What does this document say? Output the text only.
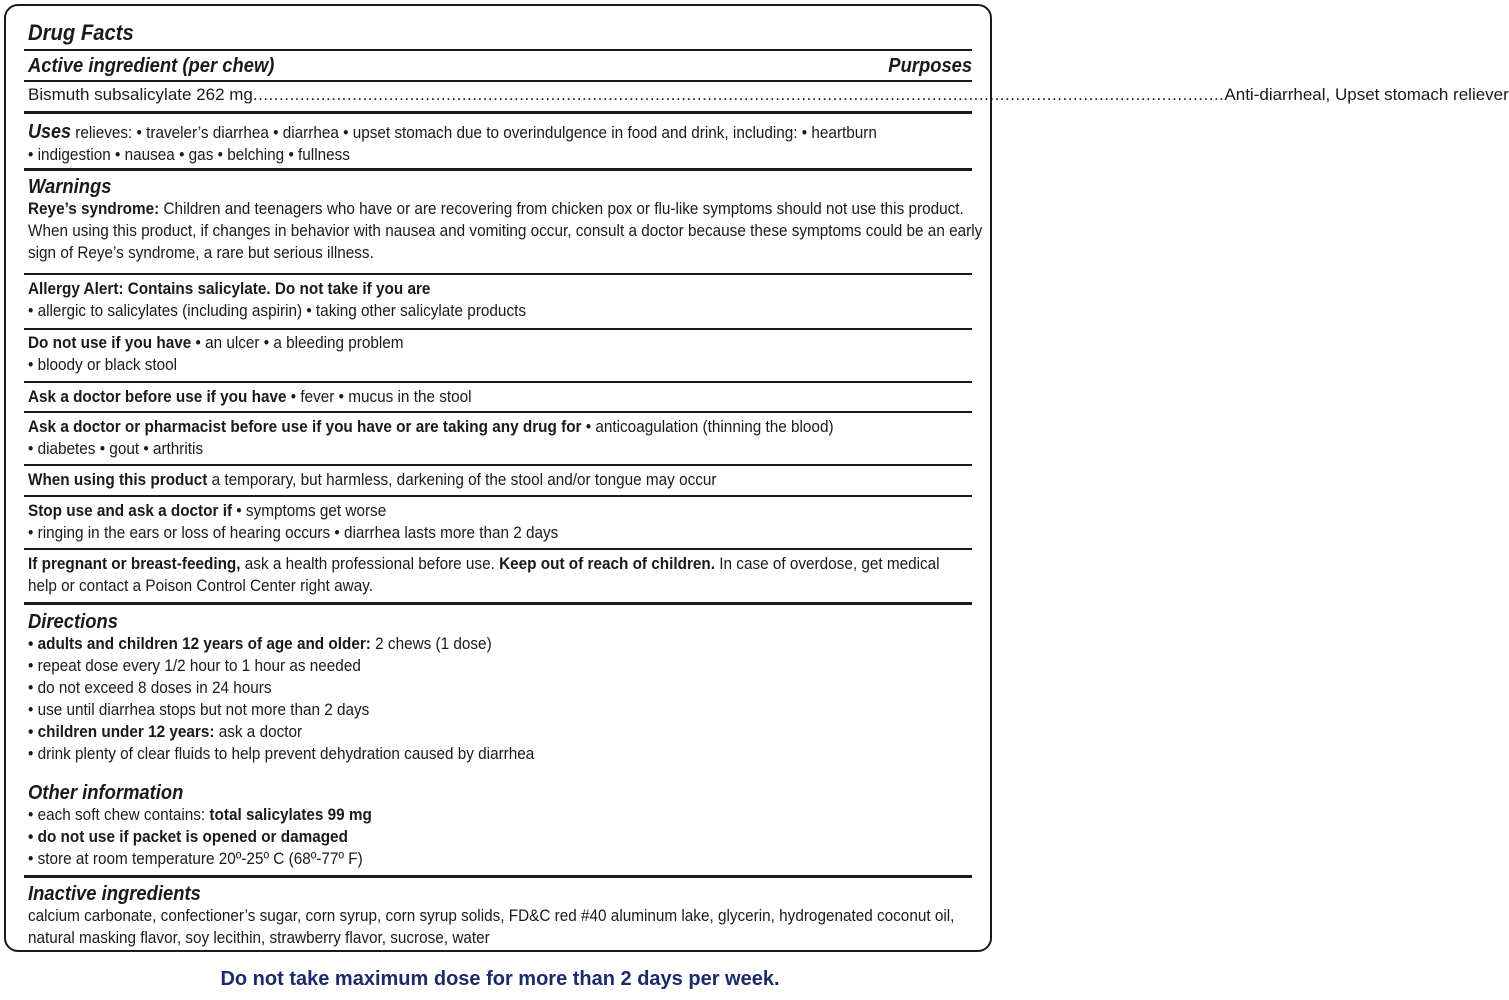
Drug Facts
Active ingredient (per chew)	Purposes
Bismuth subsalicylate 262 mg .......................................................................................................................................................................................... Anti-diarrheal, Upset stomach reliever
Uses relieves: • traveler’s diarrhea • diarrhea • upset stomach due to overindulgence in food and drink, including: • heartburn
• indigestion • nausea • gas • belching • fullness
Warnings
Reye’s syndrome: Children and teenagers who have or are recovering from chicken pox or flu-like symptoms should not use this product.
When using this product, if changes in behavior with nausea and vomiting occur, consult a doctor because these symptoms could be an early
sign of Reye’s syndrome, a rare but serious illness.
Allergy Alert: Contains salicylate. Do not take if you are
• allergic to salicylates (including aspirin) • taking other salicylate products
Do not use if you have • an ulcer • a bleeding problem
• bloody or black stool
Ask a doctor before use if you have • fever • mucus in the stool
Ask a doctor or pharmacist before use if you have or are taking any drug for • anticoagulation (thinning the blood)
• diabetes • gout • arthritis
When using this product a temporary, but harmless, darkening of the stool and/or tongue may occur
Stop use and ask a doctor if • symptoms get worse
• ringing in the ears or loss of hearing occurs • diarrhea lasts more than 2 days
If pregnant or breast-feeding, ask a health professional before use. Keep out of reach of children. In case of overdose, get medical
help or contact a Poison Control Center right away.
Directions
• adults and children 12 years of age and older: 2 chews (1 dose)
• repeat dose every 1/2 hour to 1 hour as needed
• do not exceed 8 doses in 24 hours
• use until diarrhea stops but not more than 2 days
• children under 12 years: ask a doctor
• drink plenty of clear fluids to help prevent dehydration caused by diarrhea
Other information
• each soft chew contains: total salicylates 99 mg
• do not use if packet is opened or damaged
• store at room temperature 20º-25º C (68º-77º F)
Inactive ingredients
calcium carbonate, confectioner’s sugar, corn syrup, corn syrup solids, FD&C red #40 aluminum lake, glycerin, hydrogenated coconut oil,
natural masking flavor, soy lecithin, strawberry flavor, sucrose, water
Do not take maximum dose for more than 2 days per week.
